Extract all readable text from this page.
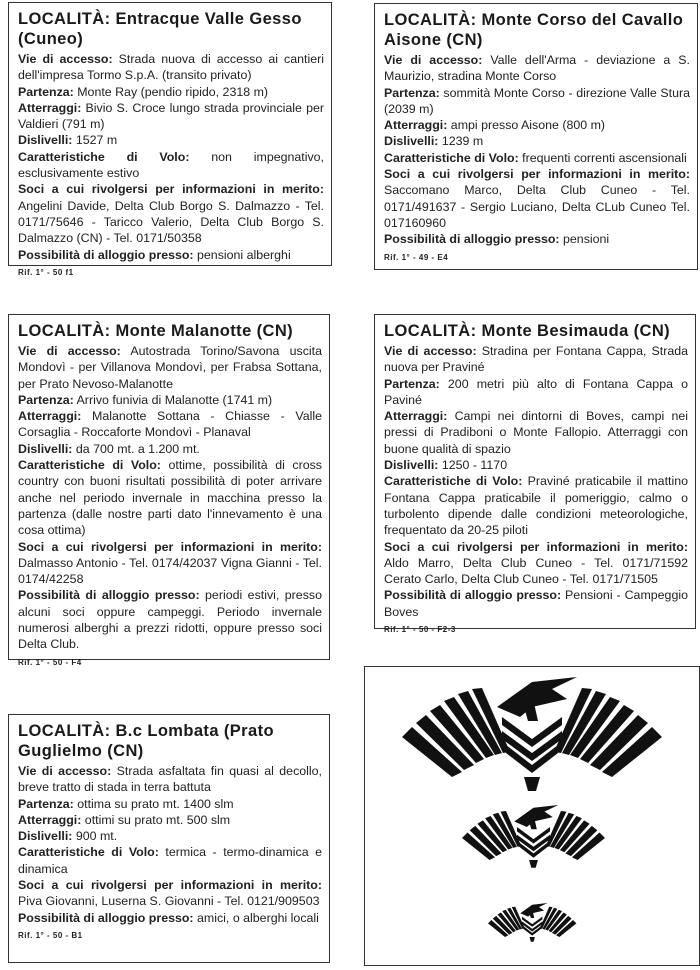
LOCALITÀ: Entracque Valle Gesso (Cuneo)

Vie di accesso: Strada nuova di accesso ai cantieri dell'impresa Tormo S.p.A. (transito privato)

Partenza: Monte Ray (pendio ripido, 2318 m)

Atterraggi: Bivio S. Croce lungo strada provinciale per Valdieri (791 m)

Dislivelli: 1527 m

Caratteristiche di Volo: non impegnativo, esclusivamente estivo

Soci a cui rivolgersi per informazioni in merito: Angelini Davide, Delta Club Borgo S. Dalmazzo - Tel. 0171/75646 - Taricco Valerio, Delta Club Borgo S. Dalmazzo (CN) - Tel. 0171/50358

Possibilità di alloggio presso: pensioni alberghi

Rif. 1° - 50 f1
LOCALITÀ: Monte Corso del Cavallo Aisone (CN)

Vie di accesso: Valle dell'Arma - deviazione a S. Maurizio, stradina Monte Corso

Partenza: sommità Monte Corso - direzione Valle Stura (2039 m)

Atterraggi: ampi presso Aisone (800 m)

Dislivelli: 1239 m

Caratteristiche di Volo: frequenti correnti ascensionali

Soci a cui rivolgersi per informazioni in merito: Saccomano Marco, Delta Club Cuneo - Tel. 0171/491637 - Sergio Luciano, Delta CLub Cuneo Tel. 017160960

Possibilità di alloggio presso: pensioni

Rif. 1° - 49 - E4
LOCALITÀ: Monte Malanotte (CN)

Vie di accesso: Autostrada Torino/Savona uscita Mondovì - per Villanova Mondovì, per Frabsa Sottana, per Prato Nevoso-Malanotte

Partenza: Arrivo funivia di Malanotte (1741 m)

Atterraggi: Malanotte Sottana - Chiasse - Valle Corsaglia - Roccaforte Mondovì - Planaval

Dislivelli: da 700 mt. a 1.200 mt.

Caratteristiche di Volo: ottime, possibilità di cross country con buoni risultati possibilità di poter arrivare anche nel periodo invernale in macchina presso la partenza (dalle nostre parti dato l'innevamento è una cosa ottima)

Soci a cui rivolgersi per informazioni in merito: Dalmasso Antonio - Tel. 0174/42037 Vigna Gianni - Tel. 0174/42258

Possibilità di alloggio presso: periodi estivi, presso alcuni soci oppure campeggi. Periodo invernale numerosi alberghi a prezzi ridotti, oppure presso soci Delta Club.

Rif. 1° - 50 - F4
LOCALITÀ: Monte Besimauda (CN)

Vie di accesso: Stradina per Fontana Cappa, Strada nuova per Praviné

Partenza: 200 metri più alto di Fontana Cappa o Paviné

Atterraggi: Campi nei dintorni di Boves, campi nei pressi di Pradiboni o Monte Fallopio. Atterraggi con buone qualità di spazio

Dislivelli: 1250 - 1170

Caratteristiche di Volo: Praviné praticabile il mattino Fontana Cappa praticabile il pomeriggio, calmo o turbolento dipende dalle condizioni meteorologiche, frequentato da 20-25 piloti

Soci a cui rivolgersi per informazioni in merito: Aldo Marro, Delta Club Cuneo - Tel. 0171/71592 Cerato Carlo, Delta Club Cuneo - Tel. 0171/71505

Possibilità di alloggio presso: Pensioni - Campeggio Boves

Rif. 1° - 50 - F2-3
LOCALITÀ: B.c Lombata (Prato Guglielmo (CN)

Vie di accesso: Strada asfaltata fin quasi al decollo, breve tratto di stada in terra battuta

Partenza: ottima su prato mt. 1400 slm

Atterraggi: ottimi su prato mt. 500 slm

Dislivelli: 900 mt.

Caratteristiche di Volo: termica - termo-dinamica e dinamica

Soci a cui rivolgersi per informazioni in merito: Piva Giovanni, Luserna S. Giovanni - Tel. 0121/909503

Possibilità di alloggio presso: amici, o alberghi locali

Rif. 1° - 50 - B1
